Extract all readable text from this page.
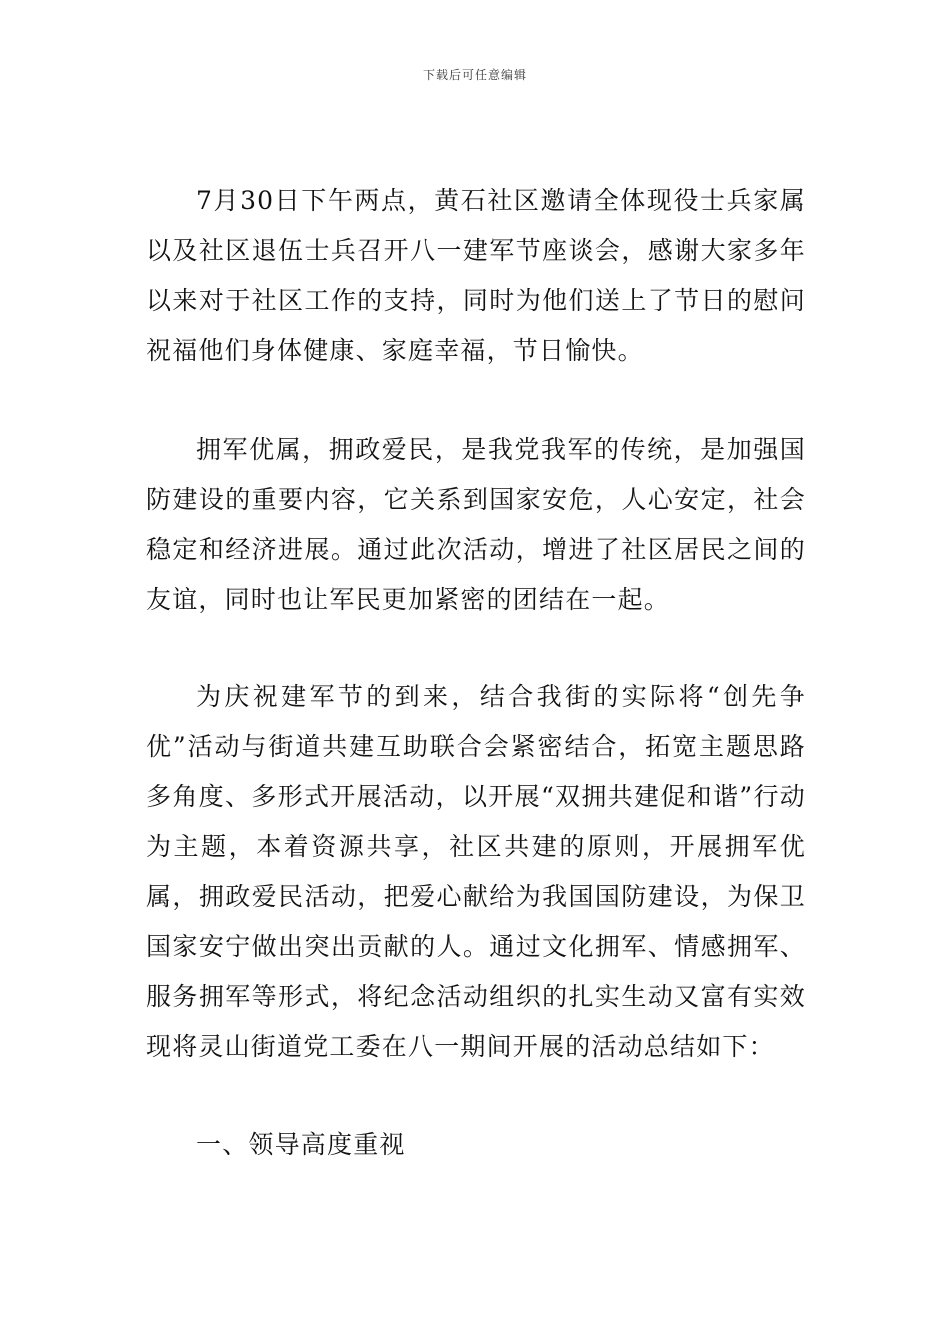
下载后可任意编辑

7月30日下午两点，黄石社区邀请全体现役士兵家属以及社区退伍士兵召开八一建军节座谈会，感谢大家多年以来对于社区工作的支持，同时为他们送上了节日的慰问祝福他们身体健康、家庭幸福，节日愉快。

拥军优属，拥政爱民，是我党我军的传统，是加强国防建设的重要内容，它关系到国家安危，人心安定，社会稳定和经济进展。通过此次活动，增进了社区居民之间的友谊，同时也让军民更加紧密的团结在一起。

为庆祝建军节的到来，结合我街的实际将“创先争优”活动与街道共建互助联合会紧密结合，拓宽主题思路多角度、多形式开展活动，以开展“双拥共建促和谐”行动为主题，本着资源共享，社区共建的原则，开展拥军优属，拥政爱民活动，把爱心献给为我国国防建设，为保卫国家安宁做出突出贡献的人。通过文化拥军、情感拥军、服务拥军等形式，将纪念活动组织的扎实生动又富有实效现将灵山街道党工委在八一期间开展的活动总结如下：

一、领导高度重视
